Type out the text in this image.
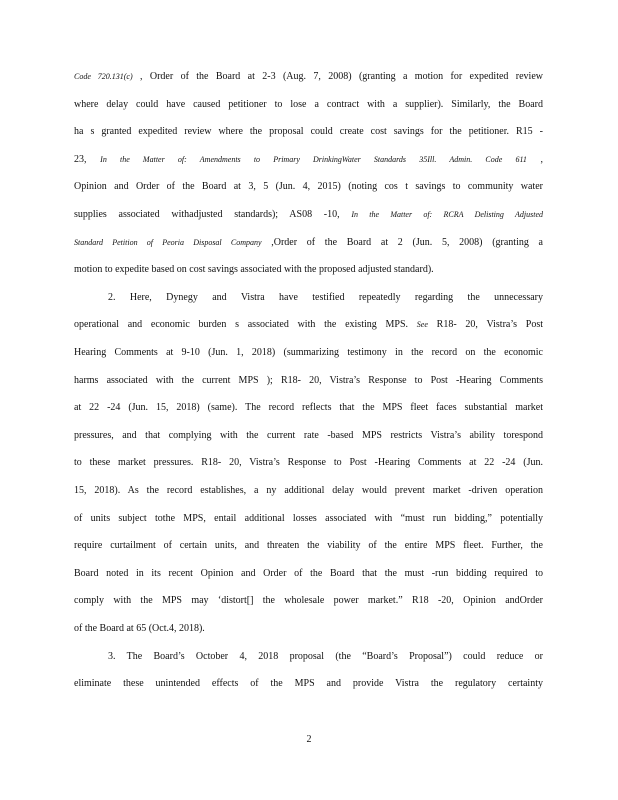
Code 720.131(c) , Order of the Board at 2-3 (Aug. 7, 2008) (granting a motion for expedited review
where delay could have caused petitioner to lose a contract with a supplier). Similarly, the Board
ha s granted expedited review where the proposal could create cost savings for the petitioner. R15 -
23, In the Matter of: Amendments to Primary DrinkingWater Standards 35Ill. Admin. Code 611 ,
Opinion and Order of the Board at 3, 5 (Jun. 4, 2015) (noting cos t savings to community water
supplies associated withadjusted standards); AS08 -10, In the Matter of: RCRA Delisting Adjusted
Standard Petition of Peoria Disposal Company ,Order of the Board at 2 (Jun. 5, 2008) (granting a
motion to expedite based on cost savings associated with the proposed adjusted standard).
2. Here, Dynegy and Vistra have testified repeatedly regarding the unnecessary
operational and economic burden s associated with the existing MPS. See R18- 20, Vistra’s Post
Hearing Comments at 9-10 (Jun. 1, 2018) (summarizing testimony in the record on the economic
harms associated with the current MPS ); R18- 20, Vistra’s Response to Post -Hearing Comments
at 22 -24 (Jun. 15, 2018) (same). The record reflects that the MPS fleet faces substantial market
pressures, and that complying with the current rate -based MPS restricts Vistra’s ability torespond
to these market pressures. R18- 20, Vistra’s Response to Post -Hearing Comments at 22 -24 (Jun.
15, 2018). As the record establishes, a ny additional delay would prevent market -driven operation
of units subject tothe MPS, entail additional losses associated with “must run bidding,” potentially
require curtailment of certain units, and threaten the viability of the entire MPS fleet. Further, the
Board noted in its recent Opinion and Order of the Board that the must -run bidding required to
comply with the MPS may ‘distort[] the wholesale power market.” R18 -20, Opinion andOrder
of the Board at 65 (Oct.4, 2018).
3. The Board’s October 4, 2018 proposal (the “Board’s Proposal”) could reduce or
eliminate these unintended effects of the MPS and provide Vistra the regulatory certainty
2
